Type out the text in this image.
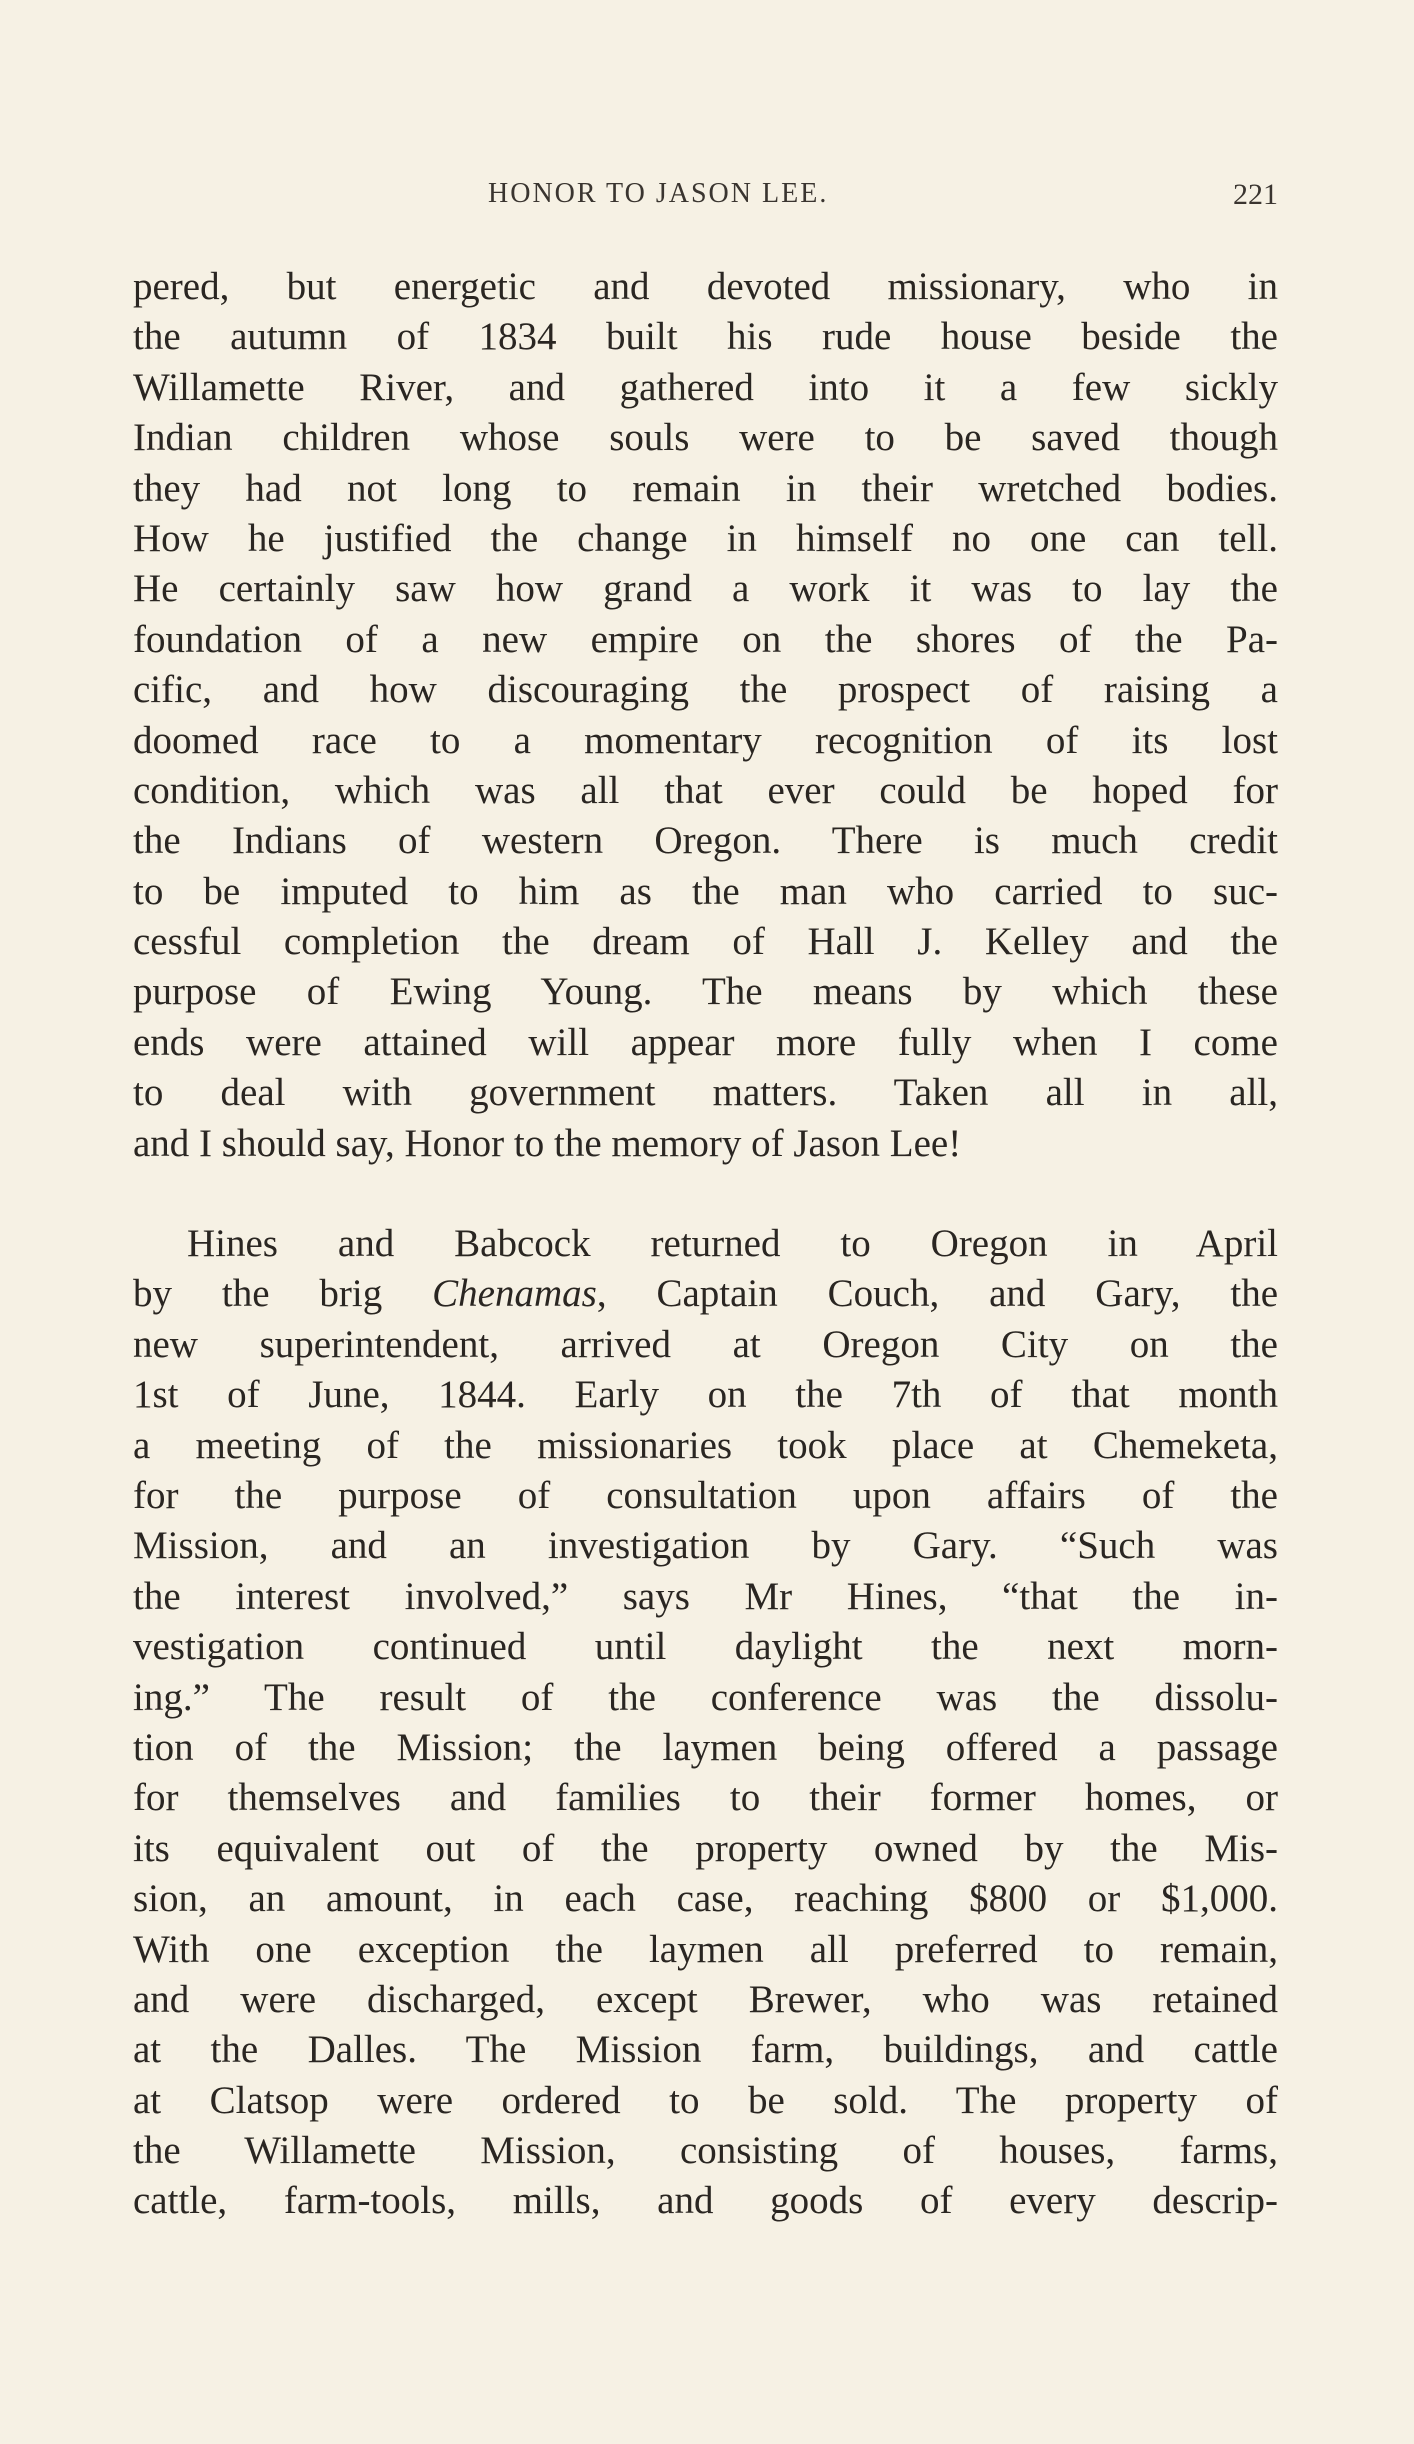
HONOR TO JASON LEE.	221
pered, but energetic and devoted missionary, who in
the autumn of 1834 built his rude house beside the
Willamette River, and gathered into it a few sickly
Indian children whose souls were to be saved though
they had not long to remain in their wretched bodies.
How he justified the change in himself no one can tell.
He certainly saw how grand a work it was to lay the
foundation of a new empire on the shores of the Pa-
cific, and how discouraging the prospect of raising a
doomed race to a momentary recognition of its lost
condition, which was all that ever could be hoped for
the Indians of western Oregon. There is much credit
to be imputed to him as the man who carried to suc-
cessful completion the dream of Hall J. Kelley and the
purpose of Ewing Young. The means by which these
ends were attained will appear more fully when I come
to deal with government matters. Taken all in all,
and I should say, Honor to the memory of Jason Lee!
Hines and Babcock returned to Oregon in April
by the brig Chenamas, Captain Couch, and Gary, the
new superintendent, arrived at Oregon City on the
1st of June, 1844. Early on the 7th of that month
a meeting of the missionaries took place at Chemeketa,
for the purpose of consultation upon affairs of the
Mission, and an investigation by Gary. “Such was
the interest involved,” says Mr Hines, “that the in-
vestigation continued until daylight the next morn-
ing.” The result of the conference was the dissolu-
tion of the Mission; the laymen being offered a passage
for themselves and families to their former homes, or
its equivalent out of the property owned by the Mis-
sion, an amount, in each case, reaching $800 or $1,000.
With one exception the laymen all preferred to remain,
and were discharged, except Brewer, who was retained
at the Dalles. The Mission farm, buildings, and cattle
at Clatsop were ordered to be sold. The property of
the Willamette Mission, consisting of houses, farms,
cattle, farm-tools, mills, and goods of every descrip-
